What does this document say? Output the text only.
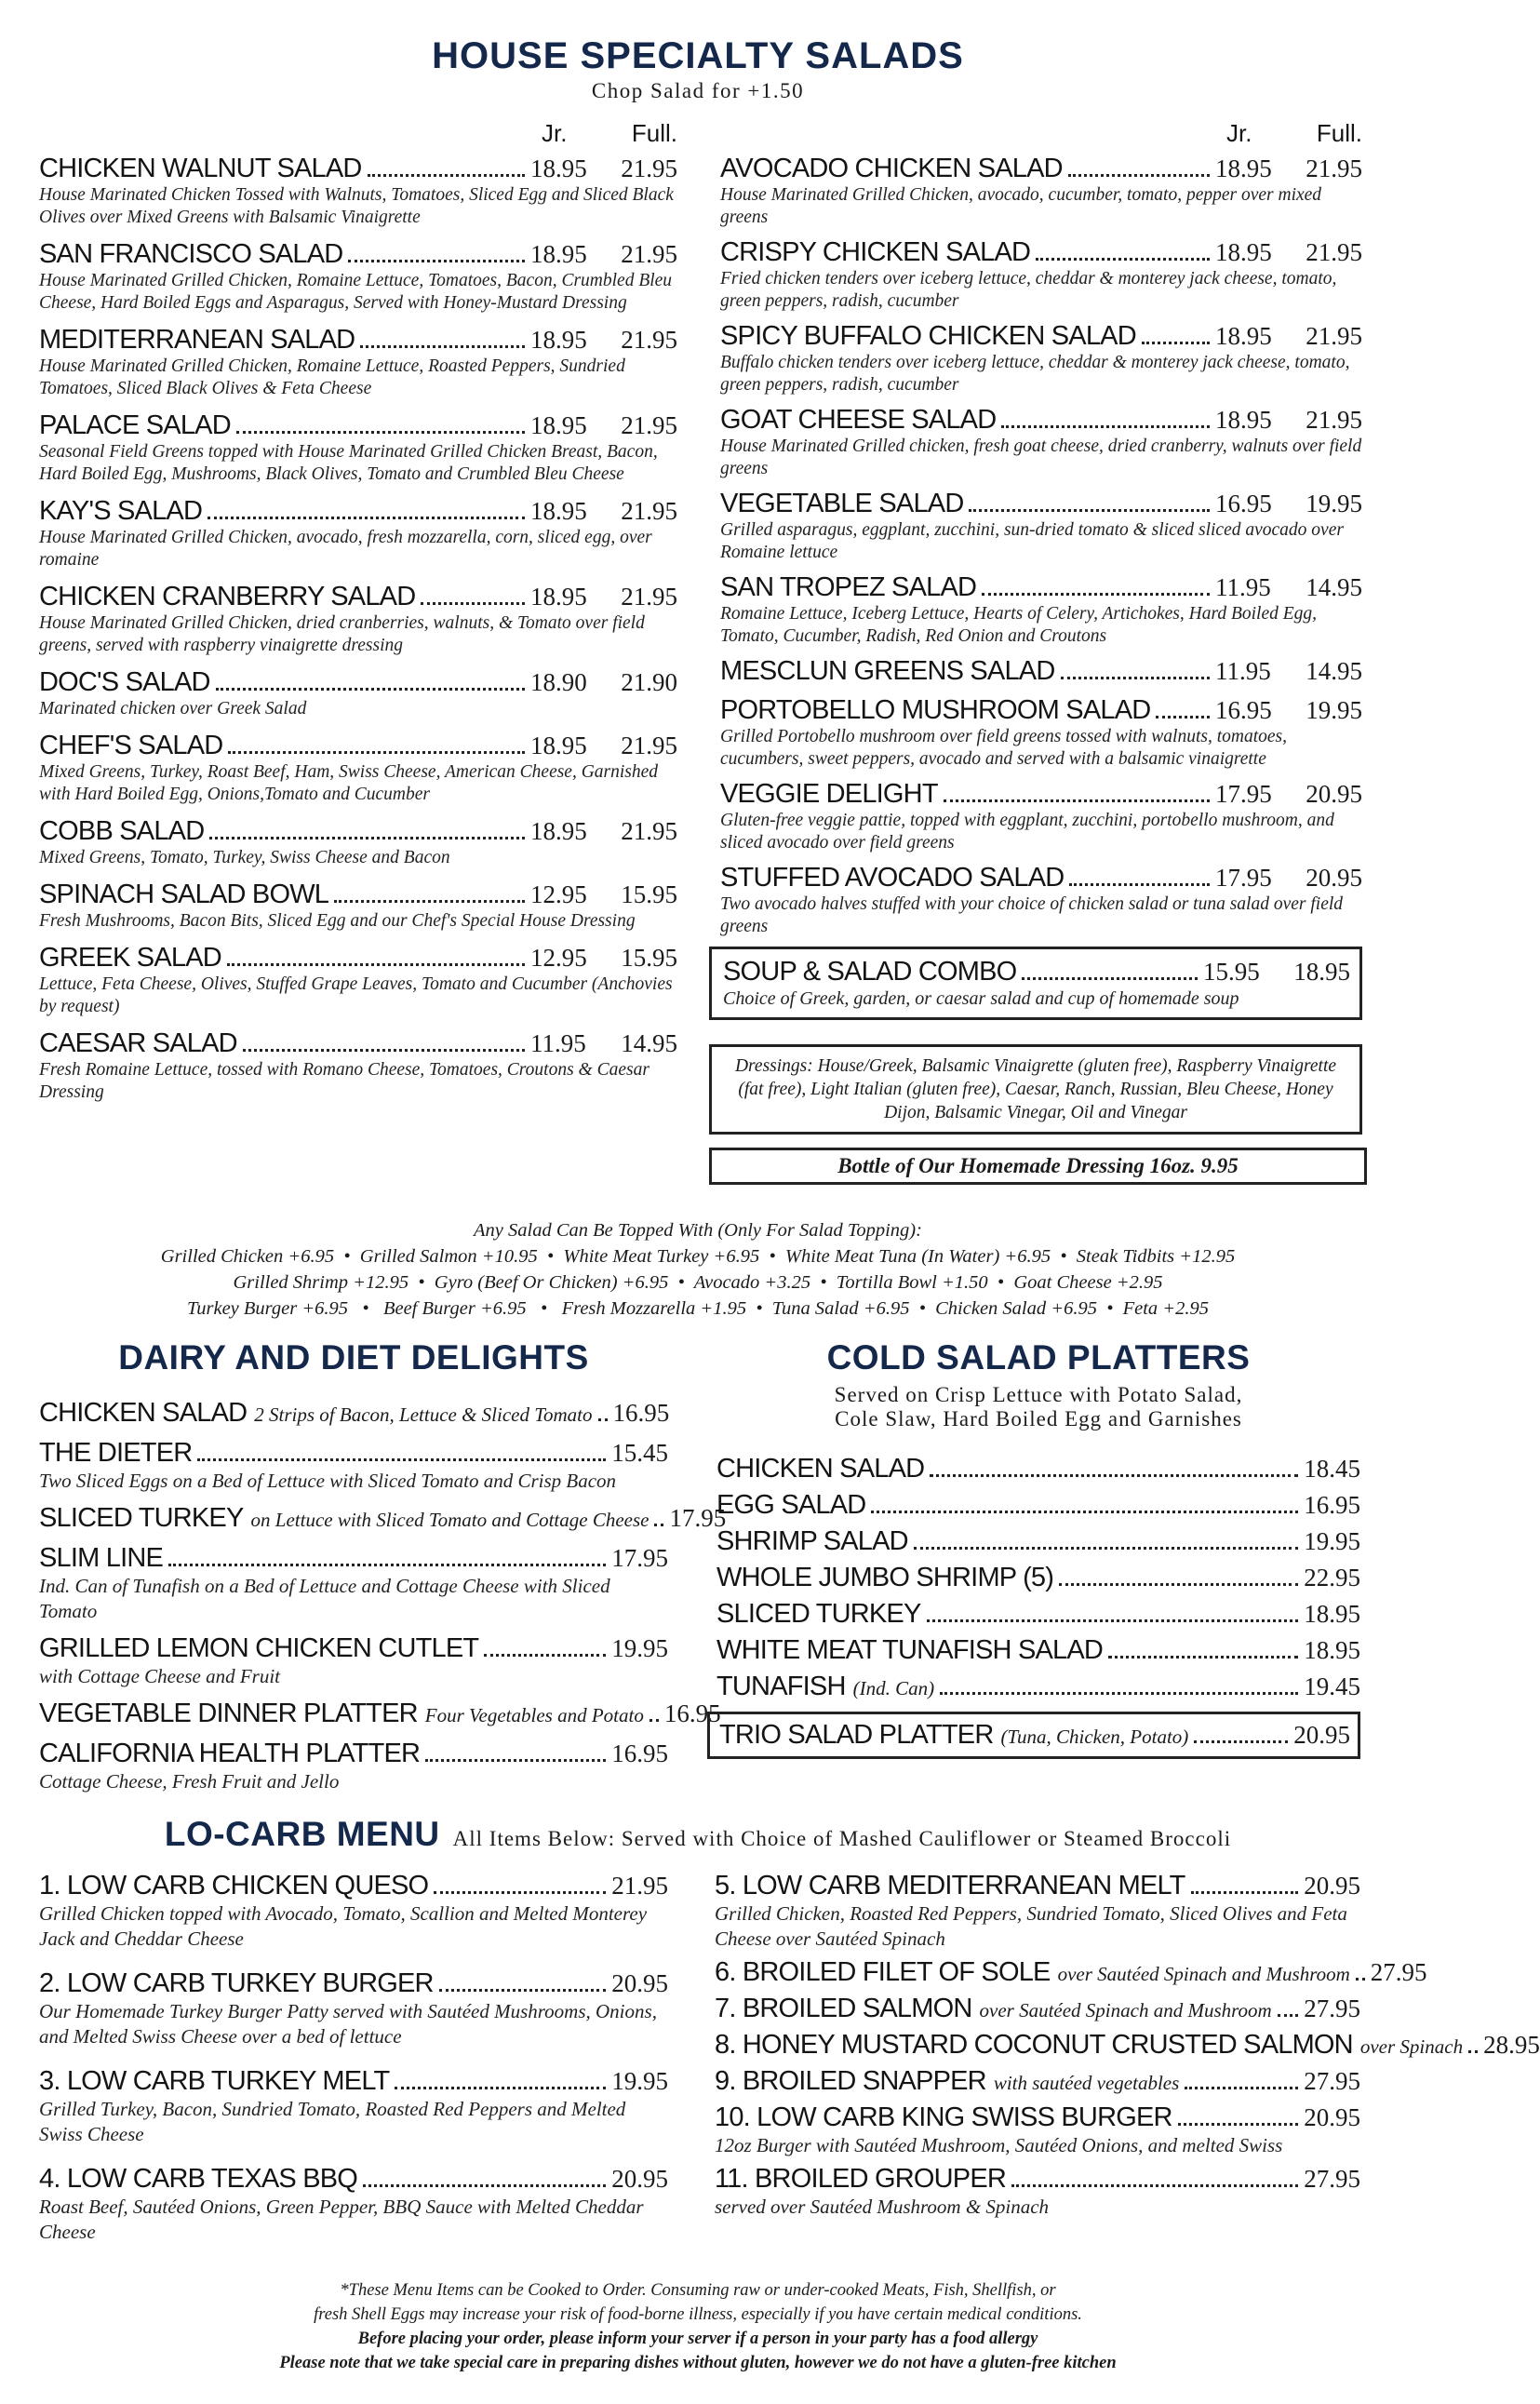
HOUSE SPECIALTY SALADS
Chop Salad for +1.50
Jr.	Full.
CHICKEN WALNUT SALAD	18.95	21.95
House Marinated Chicken Tossed with Walnuts, Tomatoes, Sliced Egg and Sliced Black Olives over Mixed Greens with Balsamic Vinaigrette
SAN FRANCISCO SALAD	18.95	21.95
House Marinated Grilled Chicken, Romaine Lettuce, Tomatoes, Bacon, Crumbled Bleu Cheese, Hard Boiled Eggs and Asparagus, Served with Honey-Mustard Dressing
MEDITERRANEAN SALAD	18.95	21.95
House Marinated Grilled Chicken, Romaine Lettuce, Roasted Peppers, Sundried Tomatoes, Sliced Black Olives & Feta Cheese
PALACE SALAD	18.95	21.95
Seasonal Field Greens topped with House Marinated Grilled Chicken Breast, Bacon, Hard Boiled Egg, Mushrooms, Black Olives, Tomato and Crumbled Bleu Cheese
KAY'S SALAD	18.95	21.95
House Marinated Grilled Chicken, avocado, fresh mozzarella, corn, sliced egg, over romaine
CHICKEN CRANBERRY SALAD	18.95	21.95
House Marinated Grilled Chicken, dried cranberries, walnuts, & Tomato over field greens, served with raspberry vinaigrette dressing
DOC'S SALAD	18.90	21.90
Marinated chicken over Greek Salad
CHEF'S SALAD	18.95	21.95
Mixed Greens, Turkey, Roast Beef, Ham, Swiss Cheese, American Cheese, Garnished with Hard Boiled Egg, Onions,Tomato and Cucumber
COBB SALAD	18.95	21.95
Mixed Greens, Tomato, Turkey, Swiss Cheese and Bacon
SPINACH SALAD BOWL	12.95	15.95
Fresh Mushrooms, Bacon Bits, Sliced Egg and our Chef's Special House Dressing
GREEK SALAD	12.95	15.95
Lettuce, Feta Cheese, Olives, Stuffed Grape Leaves, Tomato and Cucumber (Anchovies by request)
CAESAR SALAD	11.95	14.95
Fresh Romaine Lettuce, tossed with Romano Cheese, Tomatoes, Croutons & Caesar Dressing
Jr.	Full.
AVOCADO CHICKEN SALAD	18.95	21.95
House Marinated Grilled Chicken, avocado, cucumber, tomato, pepper over mixed greens
CRISPY CHICKEN SALAD	18.95	21.95
Fried chicken tenders over iceberg lettuce, cheddar & monterey jack cheese, tomato, green peppers, radish, cucumber
SPICY BUFFALO CHICKEN SALAD	18.95	21.95
Buffalo chicken tenders over iceberg lettuce, cheddar & monterey jack cheese, tomato, green peppers, radish, cucumber
GOAT CHEESE SALAD	18.95	21.95
House Marinated Grilled chicken, fresh goat cheese, dried cranberry, walnuts over field greens
VEGETABLE SALAD	16.95	19.95
Grilled asparagus, eggplant, zucchini, sun-dried tomato & sliced sliced avocado over Romaine lettuce
SAN TROPEZ SALAD	11.95	14.95
Romaine Lettuce, Iceberg Lettuce, Hearts of Celery, Artichokes, Hard Boiled Egg, Tomato, Cucumber, Radish, Red Onion and Croutons
MESCLUN GREENS SALAD	11.95	14.95
PORTOBELLO MUSHROOM SALAD	16.95	19.95
Grilled Portobello mushroom over field greens tossed with walnuts, tomatoes, cucumbers, sweet peppers, avocado and served with a balsamic vinaigrette
VEGGIE DELIGHT	17.95	20.95
Gluten-free veggie pattie, topped with eggplant, zucchini, portobello mushroom, and sliced avocado over field greens
STUFFED AVOCADO SALAD	17.95	20.95
Two avocado halves stuffed with your choice of chicken salad or tuna salad over field greens
SOUP & SALAD COMBO	15.95	18.95
Choice of Greek, garden, or caesar salad and cup of homemade soup
Dressings: House/Greek, Balsamic Vinaigrette (gluten free), Raspberry Vinaigrette (fat free), Light Italian (gluten free), Caesar, Ranch, Russian, Bleu Cheese, Honey Dijon, Balsamic Vinegar, Oil and Vinegar
Bottle of Our Homemade Dressing 16oz. 9.95
Any Salad Can Be Topped With (Only For Salad Topping):
Grilled Chicken +6.95  •  Grilled Salmon +10.95  •  White Meat Turkey +6.95  •  White Meat Tuna (In Water) +6.95  •  Steak Tidbits +12.95
Grilled Shrimp +12.95  •  Gyro (Beef Or Chicken) +6.95  •  Avocado +3.25  •  Tortilla Bowl +1.50  •  Goat Cheese +2.95
Turkey Burger +6.95   •   Beef Burger +6.95   •   Fresh Mozzarella +1.95  •  Tuna Salad +6.95  •  Chicken Salad +6.95  •  Feta +2.95
DAIRY AND DIET DELIGHTS
CHICKEN SALAD 2 Strips of Bacon, Lettuce & Sliced Tomato 16.95
THE DIETER	15.45
Two Sliced Eggs on a Bed of Lettuce with Sliced Tomato and Crisp Bacon
SLICED TURKEY on Lettuce with Sliced Tomato and Cottage Cheese 17.95
SLIM LINE	17.95
Ind. Can of Tunafish on a Bed of Lettuce and Cottage Cheese with Sliced Tomato
GRILLED LEMON CHICKEN CUTLET	19.95
with Cottage Cheese and Fruit
VEGETABLE DINNER PLATTER Four Vegetables and Potato 16.95
CALIFORNIA HEALTH PLATTER	16.95
Cottage Cheese, Fresh Fruit and Jello
COLD SALAD PLATTERS
Served on Crisp Lettuce with Potato Salad,
Cole Slaw, Hard Boiled Egg and Garnishes
CHICKEN SALAD	18.45
EGG SALAD	16.95
SHRIMP SALAD	19.95
WHOLE JUMBO SHRIMP (5)	22.95
SLICED TURKEY	18.95
WHITE MEAT TUNAFISH SALAD	18.95
TUNAFISH (Ind. Can)	19.45
TRIO SALAD PLATTER (Tuna, Chicken, Potato)	20.95
LO-CARB MENU All Items Below: Served with Choice of Mashed Cauliflower or Steamed Broccoli
1. LOW CARB CHICKEN QUESO	21.95
Grilled Chicken topped with Avocado, Tomato, Scallion and Melted Monterey Jack and Cheddar Cheese
2. LOW CARB TURKEY BURGER	20.95
Our Homemade Turkey Burger Patty served with Sautéed Mushrooms, Onions, and Melted Swiss Cheese over a bed of lettuce
3. LOW CARB TURKEY MELT	19.95
Grilled Turkey, Bacon, Sundried Tomato, Roasted Red Peppers and Melted Swiss Cheese
4. LOW CARB TEXAS BBQ	20.95
Roast Beef, Sautéed Onions, Green Pepper, BBQ Sauce with Melted Cheddar Cheese
5. LOW CARB MEDITERRANEAN MELT	20.95
Grilled Chicken, Roasted Red Peppers, Sundried Tomato, Sliced Olives and Feta Cheese over Sautéed Spinach
6. BROILED FILET OF SOLE over Sautéed Spinach and Mushroom 27.95
7. BROILED SALMON over Sautéed Spinach and Mushroom 27.95
8. HONEY MUSTARD COCONUT CRUSTED SALMON over Spinach 28.95
9. BROILED SNAPPER with sautéed vegetables	27.95
10. LOW CARB KING SWISS BURGER	20.95
12oz Burger with Sautéed Mushroom, Sautéed Onions, and melted Swiss
11. BROILED GROUPER	27.95
served over Sautéed Mushroom & Spinach
*These Menu Items can be Cooked to Order. Consuming raw or under-cooked Meats, Fish, Shellfish, or
fresh Shell Eggs may increase your risk of food-borne illness, especially if you have certain medical conditions.
Before placing your order, please inform your server if a person in your party has a food allergy
Please note that we take special care in preparing dishes without gluten, however we do not have a gluten-free kitchen
